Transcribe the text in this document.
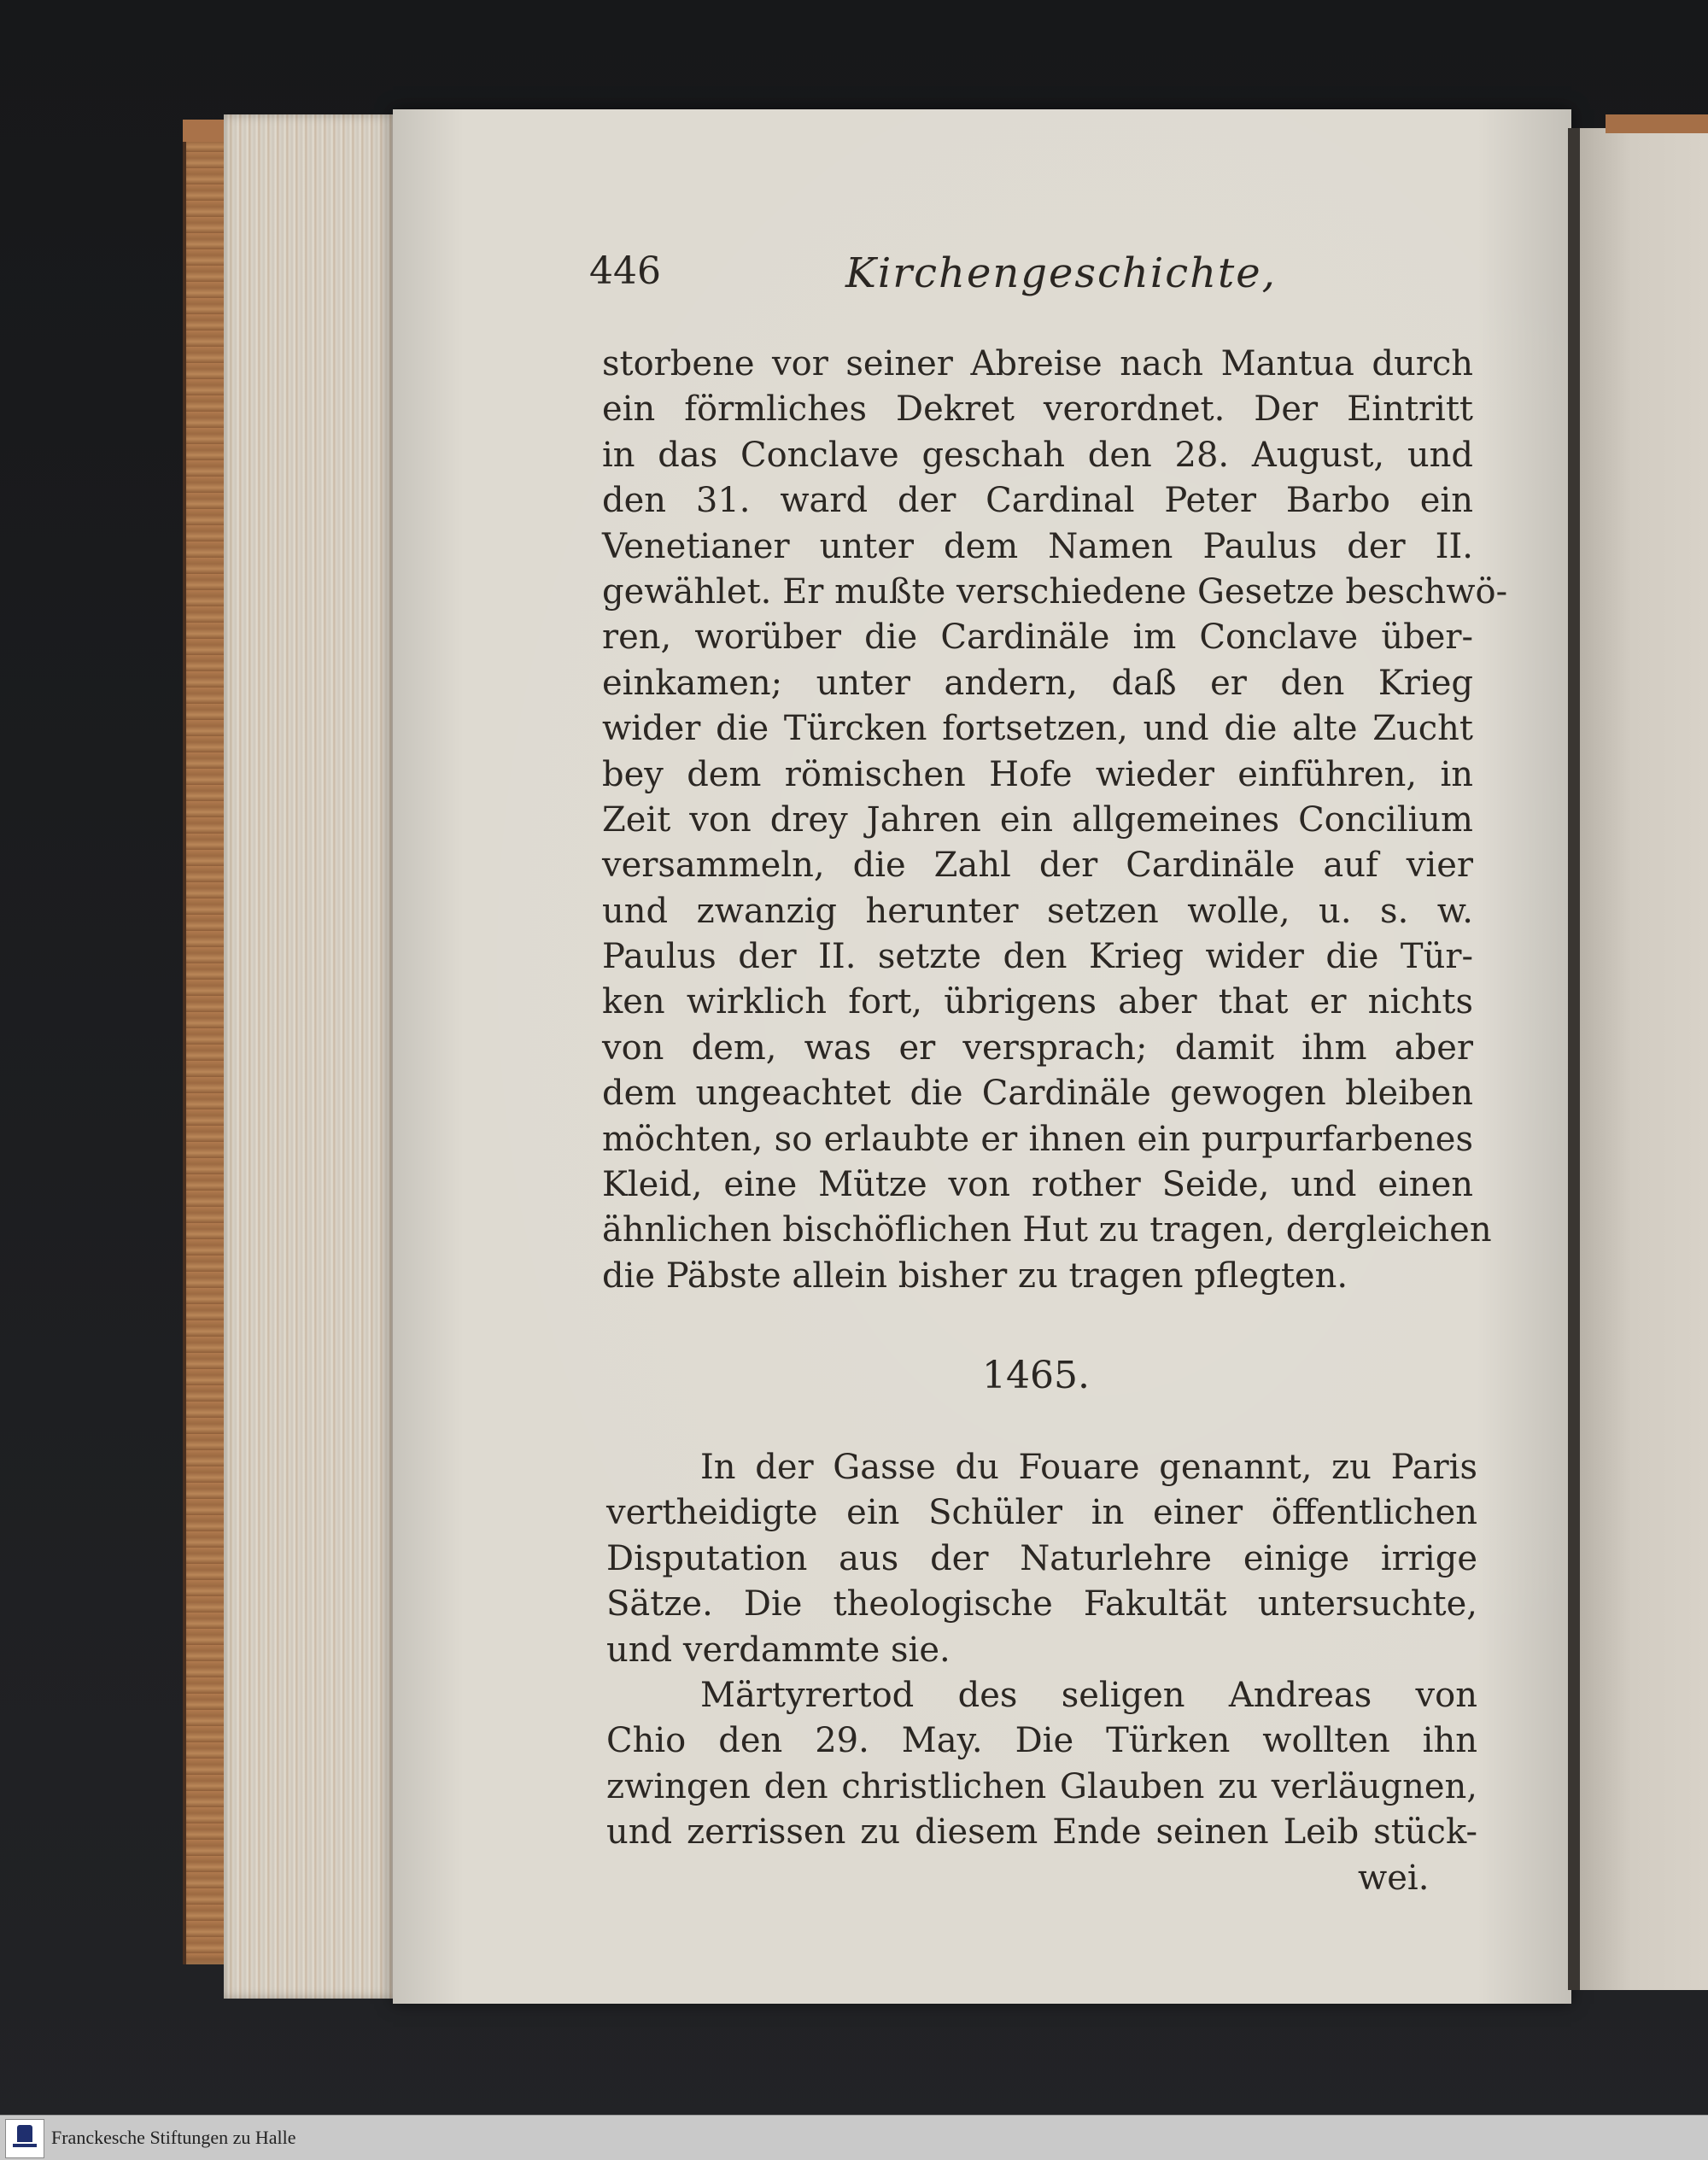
446	Kirchengeschichte,
storbene vor seiner Abreise nach Mantua durch
ein förmliches Dekret verordnet. Der Eintritt
in das Conclave geschah den 28. August, und
den 31. ward der Cardinal Peter Barbo ein
Venetianer unter dem Namen Paulus der II.
gewählet. Er mußte verschiedene Gesetze beschwö-
ren, worüber die Cardinäle im Conclave über-
einkamen; unter andern, daß er den Krieg
wider die Türcken fortsetzen, und die alte Zucht
bey dem römischen Hofe wieder einführen, in
Zeit von drey Jahren ein allgemeines Concilium
versammeln, die Zahl der Cardinäle auf vier
und zwanzig herunter setzen wolle, u. s. w.
Paulus der II. setzte den Krieg wider die Tür-
ken wirklich fort, übrigens aber that er nichts
von dem, was er versprach; damit ihm aber
dem ungeachtet die Cardinäle gewogen bleiben
möchten, so erlaubte er ihnen ein purpurfarbenes
Kleid, eine Mütze von rother Seide, und einen
ähnlichen bischöflichen Hut zu tragen, dergleichen
die Päbste allein bisher zu tragen pflegten.
1465.
In der Gasse du Fouare genannt, zu Paris
vertheidigte ein Schüler in einer öffentlichen
Disputation aus der Naturlehre einige irrige
Sätze. Die theologische Fakultät untersuchte,
und verdammte sie.
Märtyrertod des seligen Andreas von
Chio den 29. May. Die Türken wollten ihn
zwingen den christlichen Glauben zu verläugnen,
und zerrissen zu diesem Ende seinen Leib stück-
wei.
Franckesche Stiftungen zu Halle
